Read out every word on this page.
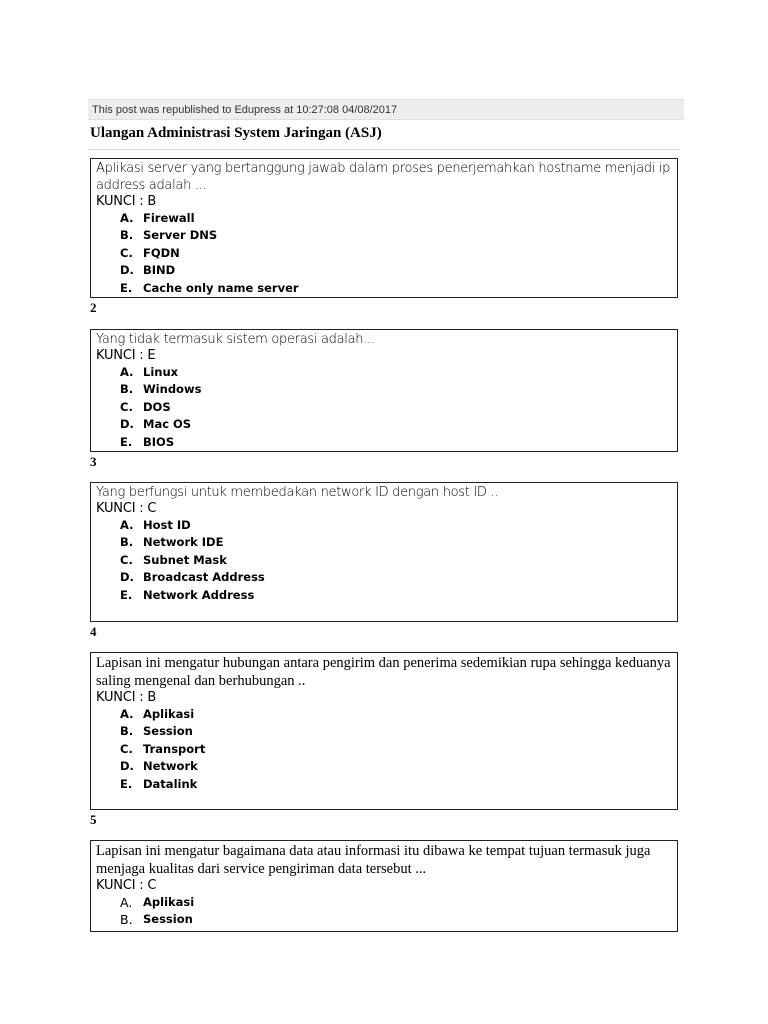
This post was republished to Edupress at 10:27:08 04/08/2017
Ulangan Administrasi System Jaringan (ASJ)
Aplikasi server yang bertanggung jawab dalam proses penerjemahkan hostname menjadi ip address adalah ...
KUNCI : B
A. Firewall
B. Server DNS
C. FQDN
D. BIND
E. Cache only name server
2
Yang tidak termasuk sistem operasi adalah...
KUNCI : E
A. Linux
B. Windows
C. DOS
D. Mac OS
E. BIOS
3
Yang berfungsi untuk membedakan network ID dengan host ID ..
KUNCI : C
A. Host ID
B. Network IDE
C. Subnet Mask
D. Broadcast Address
E. Network Address
4
Lapisan ini mengatur hubungan antara pengirim dan penerima sedemikian rupa sehingga keduanya saling mengenal dan berhubungan ..
KUNCI : B
A. Aplikasi
B. Session
C. Transport
D. Network
E. Datalink
5
Lapisan ini mengatur bagaimana data atau informasi itu dibawa ke tempat tujuan termasuk juga menjaga kualitas dari service pengiriman data tersebut ...
KUNCI : C
A. Aplikasi
B. Session
